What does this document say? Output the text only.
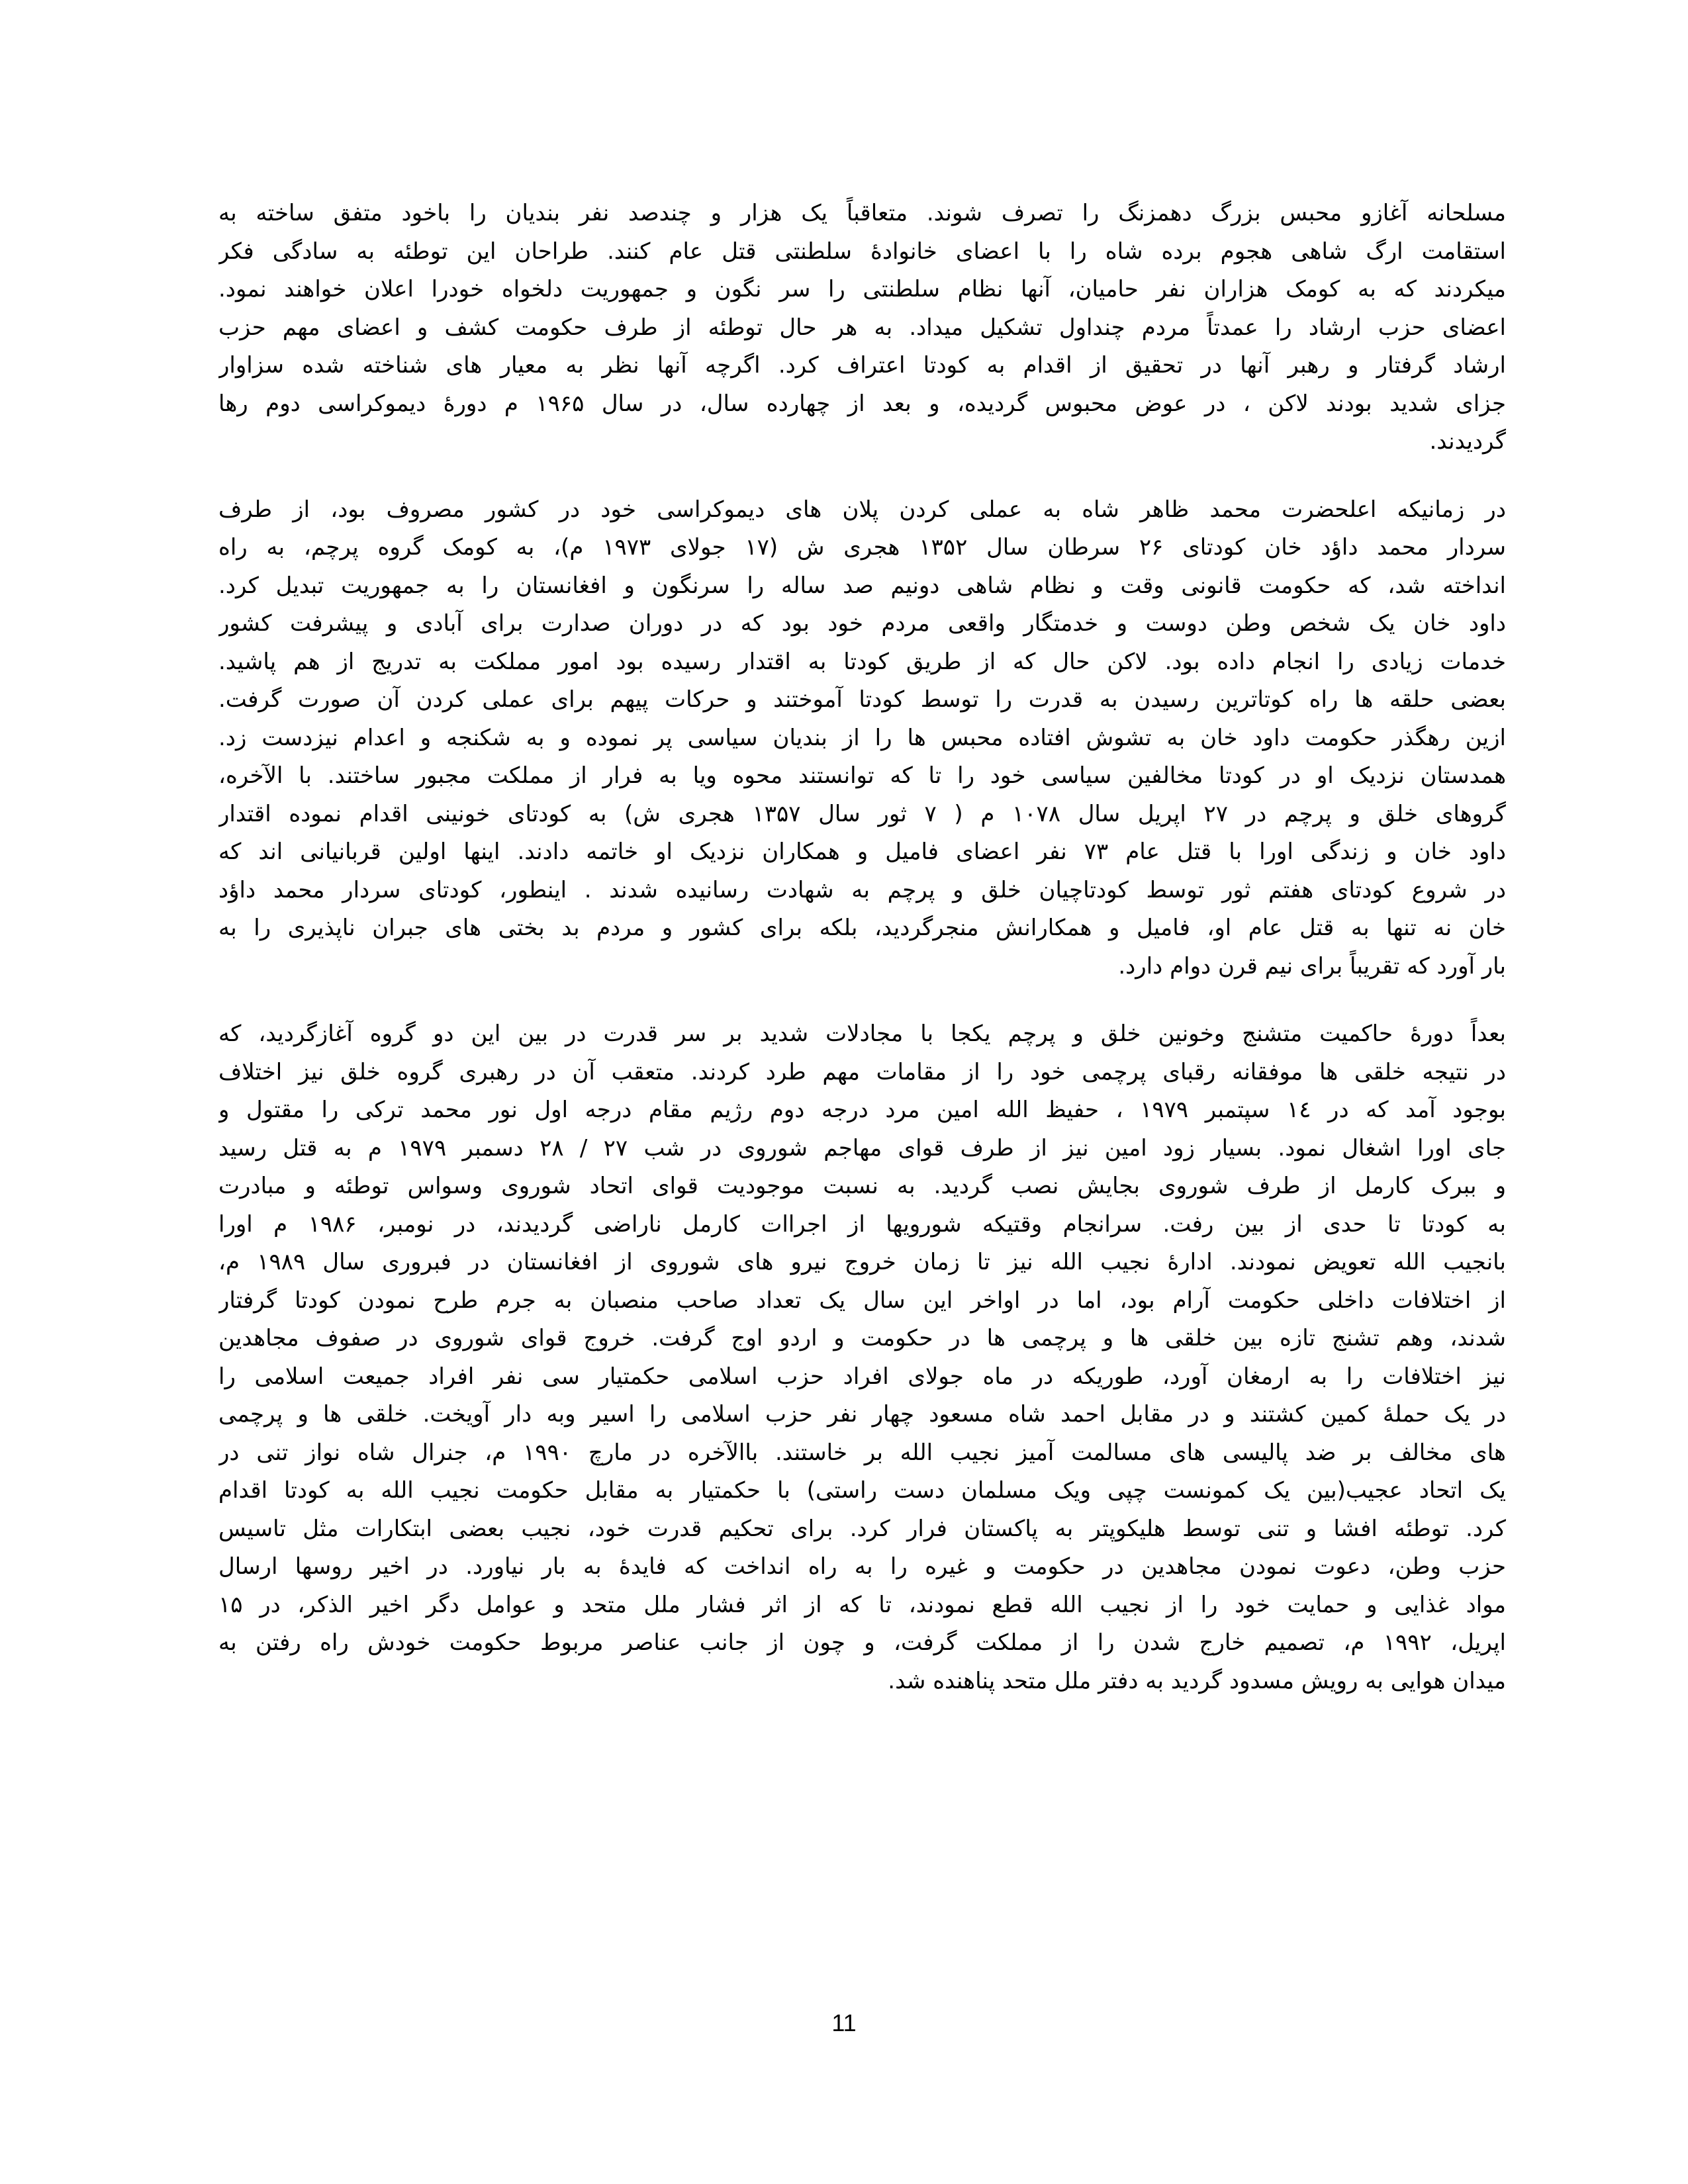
مسلحانه آغازو محبس بزرگ دهمزنگ را تصرف شوند. متعاقباً یک هزار و چندصد نفر بندیان را باخود متفق ساخته به
استقامت ارگ شاهی هجوم برده شاه را با اعضای خانوادهٔ سلطنتی قتل عام کنند. طراحان این توطئه به سادگی فکر
میکردند که به کومک هزاران نفر حامیان، آنها نظام سلطنتی را سر نگون و جمهوریت دلخواه خودرا اعلان خواهند نمود.
اعضای حزب ارشاد را عمدتاً مردم چنداول تشکیل میداد. به هر حال توطئه از طرف حکومت کشف و اعضای مهم حزب
ارشاد گرفتار و رهبر آنها در تحقیق از اقدام به کودتا اعتراف کرد. اگرچه آنها نظر به معیار های شناخته شده سزاوار
جزای شدید بودند لاکن ، در عوض محبوس گردیده، و بعد از چهارده سال، در سال ۱۹۶۵ م دورهٔ دیموکراسی دوم رها
گردیدند.
در زمانیکه اعلحضرت محمد ظاهر شاه به عملی کردن پلان های دیموکراسی خود در کشور مصروف بود، از طرف
سردار محمد داؤد خان کودتای ۲۶ سرطان سال ۱۳۵۲ هجری ش (۱۷ جولای ۱۹۷۳ م)، به کومک گروه پرچم، به راه
انداخته شد، که حکومت قانونی وقت و نظام شاهی دونیم صد ساله را سرنگون و افغانستان را به جمهوریت تبدیل کرد.
داود خان یک شخص وطن دوست و خدمتگار واقعی مردم خود بود که در دوران صدارت برای آبادی و پیشرفت کشور
خدمات زیادی را انجام داده بود. لاکن حال که از طریق کودتا به اقتدار رسیده بود امور مملکت به تدریج از هم پاشید.
بعضی حلقه ها راه کوتاترین رسیدن به قدرت را توسط کودتا آموختند و حرکات پیهم برای عملی کردن آن صورت گرفت.
ازین رهگذر حکومت داود خان به تشوش افتاده محبس ها را از بندیان سیاسی پر نموده و به شکنجه و اعدام نیزدست زد.
همدستان نزدیک او در کودتا مخالفین سیاسی خود را تا که توانستند محوه ویا به فرار از مملکت مجبور ساختند. با الآخره،
گروهای خلق و پرچم در ۲۷ اپریل سال ۱۰۷۸ م ( ۷ ثور سال ۱۳۵۷ هجری ش) به کودتای خونینی اقدام نموده اقتدار
داود خان و زندگی اورا با قتل عام ۷۳ نفر اعضای فامیل و همکاران نزدیک او خاتمه دادند. اینها اولین قربانیانی اند که
در شروع کودتای هفتم ثور توسط کودتاچیان خلق و پرچم به شهادت رسانیده شدند . اینطور، کودتای سردار محمد داؤد
خان نه تنها به قتل عام او، فامیل و همکارانش منجرگردید، بلکه برای کشور و مردم بد بختی های جبران ناپذیری را به
بار آورد که تقریباً برای نیم قرن دوام دارد.
بعداً دورهٔ حاکمیت متشنج وخونین خلق و پرچم یکجا با مجادلات شدید بر سر قدرت در بین این دو گروه آغازگردید، که
در نتیجه خلقی ها موفقانه رقبای پرچمی خود را از مقامات مهم طرد کردند. متعقب آن در رهبری گروه خلق نیز اختلاف
بوجود آمد که در ۱٤ سپتمبر ۱۹۷۹ ، حفیظ الله امین مرد درجه دوم رژیم مقام درجه اول نور محمد ترکی را مقتول و
جای اورا اشغال نمود. بسیار زود امین نیز از طرف قوای مهاجم شوروی در شب ۲۷ / ۲۸ دسمبر ۱۹۷۹ م به قتل رسید
و ببرک کارمل از طرف شوروی بجایش نصب گردید. به نسبت موجودیت قوای اتحاد شوروی وسواس توطئه و مبادرت
به کودتا تا حدی از بین رفت. سرانجام وقتیکه شورویها از اجراات کارمل ناراضی گردیدند، در نومبر، ۱۹۸۶ م اورا
بانجیب الله تعویض نمودند. ادارهٔ نجیب الله نیز تا زمان خروج نیرو های شوروی از افغانستان در فبروری سال ۱۹۸۹ م،
از اختلافات داخلی حکومت آرام بود، اما در اواخر این سال یک تعداد صاحب منصبان به جرم طرح نمودن کودتا گرفتار
شدند، وهم تشنج تازه بین خلقی ها و پرچمی ها در حکومت و اردو اوج گرفت. خروج قوای شوروی در صفوف مجاهدین
نیز اختلافات را به ارمغان آورد، طوریکه در ماه جولای افراد حزب اسلامی حکمتیار سی نفر افراد جمیعت اسلامی را
در یک حملهٔ کمین کشتند و در مقابل احمد شاه مسعود چهار نفر حزب اسلامی را اسیر وبه دار آویخت. خلقی ها و پرچمی
های مخالف بر ضد پالیسی های مسالمت آمیز نجیب الله بر خاستند. باالآخره در مارچ ۱۹۹۰ م، جنرال شاه نواز تنی در
یک اتحاد عجیب(بین یک کمونست چپی ویک مسلمان دست راستی) با حکمتیار به مقابل حکومت نجیب الله به کودتا اقدام
کرد. توطئه افشا و تنی توسط هلیکوپتر به پاکستان فرار کرد. برای تحکیم قدرت خود، نجیب بعضی ابتکارات مثل تاسیس
حزب وطن، دعوت نمودن مجاهدین در حکومت و غیره را به راه انداخت که فایدهٔ به بار نیاورد. در اخیر روسها ارسال
مواد غذایی و حمایت خود را از نجیب الله قطع نمودند، تا که از اثر فشار ملل متحد و عوامل دگر اخیر الذکر، در ۱۵
اپریل، ۱۹۹۲ م، تصمیم خارج شدن را از مملکت گرفت، و چون از جانب عناصر مربوط حکومت خودش راه رفتن به
میدان هوایی به رویش مسدود گردید به دفتر ملل متحد پناهنده شد.
11
